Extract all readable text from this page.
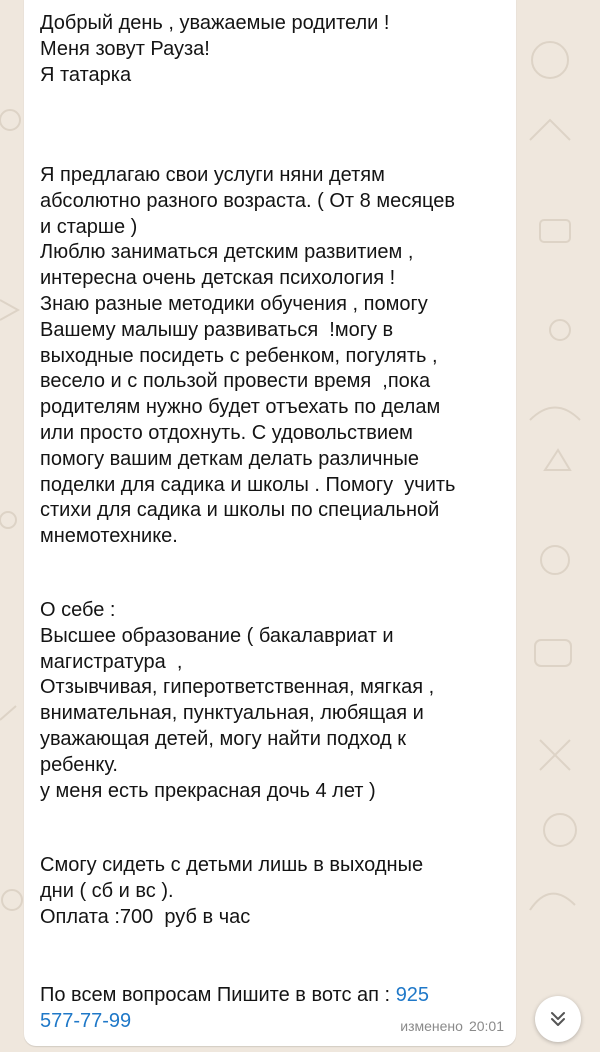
Добрый день , уважаемые родители !
Меня зовут Рауза!
Я татарка

Я предлагаю свои услуги няни детям
абсолютно разного возраста. ( От 8 месяцев
и старше )
Люблю заниматься детским развитием ,
интересна очень детская психология !
Знаю разные методики обучения , помогу
Вашему малышу развиваться  !могу в
выходные посидеть с ребенком, погулять ,
весело и с пользой провести время  ,пока
родителям нужно будет отъехать по делам
или просто отдохнуть. С удовольствием
помогу вашим деткам делать различные
поделки для садика и школы . Помогу  учить
стихи для садика и школы по специальной
мнемотехнике.

О себе :
Высшее образование ( бакалавриат и
магистратура  ,
Отзывчивая, гиперответственная, мягкая ,
внимательная, пунктуальная, любящая и
уважающая детей, могу найти подход к
ребенку.
у меня есть прекрасная дочь 4 лет )

Смогу сидеть с детьми лишь в выходные
дни ( сб и вс ).
Оплата :700  руб в час

По всем вопросам Пишите в вотс ап : 925
577-77-99	изменено 20:01
